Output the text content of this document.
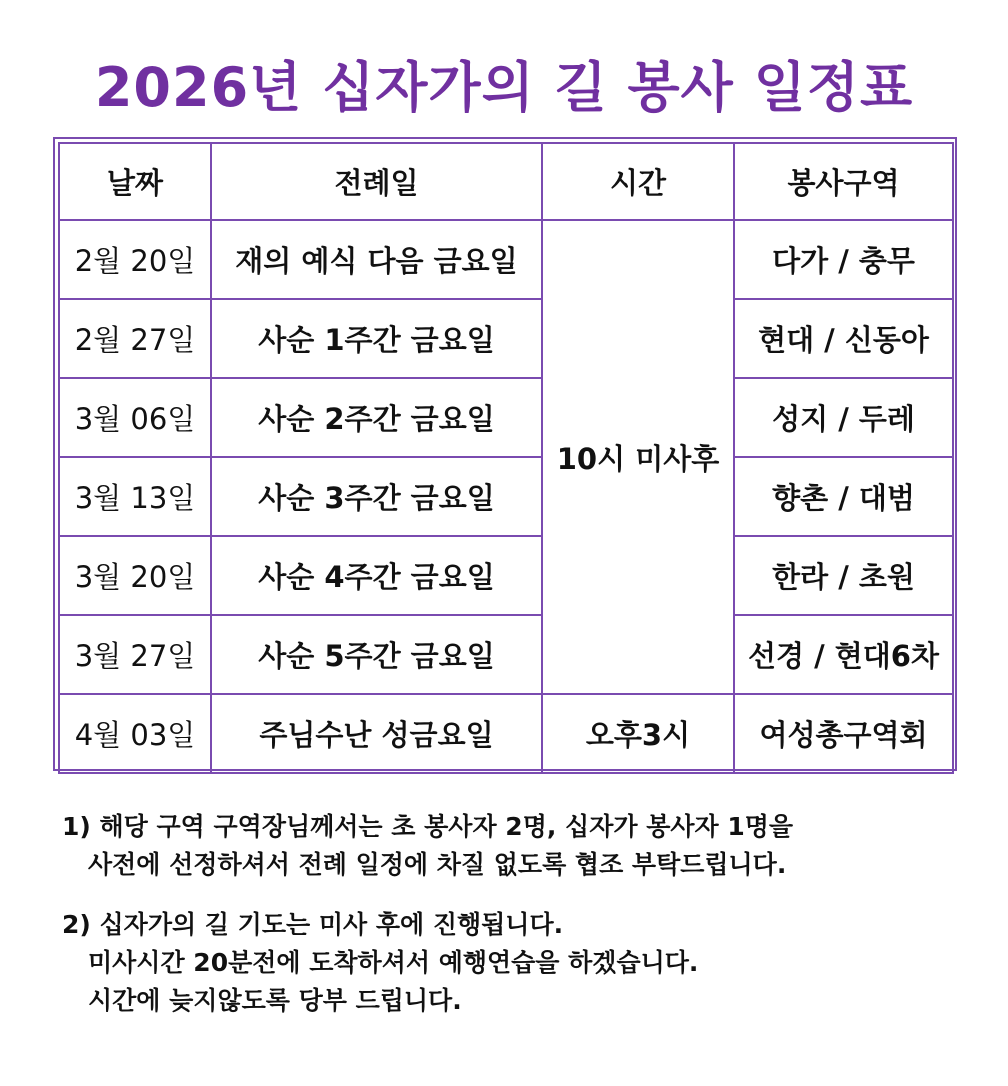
2026년 십자가의 길 봉사 일정표
날짜	전례일	시간	봉사구역
2월 20일	재의 예식 다음 금요일	10시 미사후	다가 / 충무
2월 27일	사순 1주간 금요일		현대 / 신동아
3월 06일	사순 2주간 금요일		성지 / 두레
3월 13일	사순 3주간 금요일		향촌 / 대범
3월 20일	사순 4주간 금요일		한라 / 초원
3월 27일	사순 5주간 금요일		선경 / 현대6차
4월 03일	주님수난 성금요일	오후3시	여성총구역회
1) 해당 구역 구역장님께서는 초 봉사자 2명, 십자가 봉사자 1명을
사전에 선정하셔서 전례 일정에 차질 없도록 협조 부탁드립니다.
2) 십자가의 길 기도는 미사 후에 진행됩니다.
미사시간 20분전에 도착하셔서 예행연습을 하겠습니다.
시간에 늦지않도록 당부 드립니다.
